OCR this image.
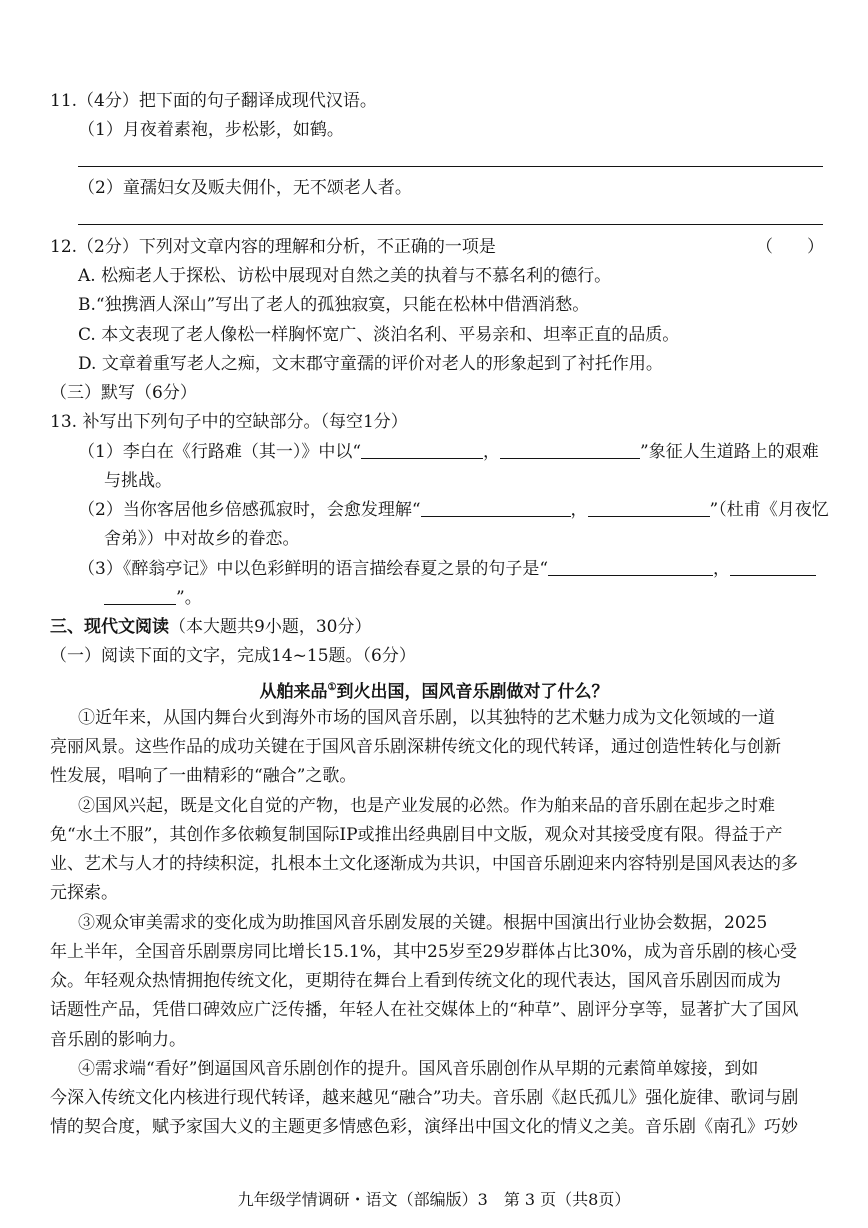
11.（4分）把下面的句子翻译成现代汉语。
（1）月夜着素袍，步松影，如鹤。
（2）童孺妇女及贩夫佣仆，无不颂老人者。
12.（2分）下列对文章内容的理解和分析，不正确的一项是	（　　）
A. 松痴老人于探松、访松中展现对自然之美的执着与不慕名利的德行。
B.“独携酒人深山”写出了老人的孤独寂寞，只能在松林中借酒消愁。
C. 本文表现了老人像松一样胸怀宽广、淡泊名利、平易亲和、坦率正直的品质。
D. 文章着重写老人之痴，文末郡守童孺的评价对老人的形象起到了衬托作用。
（三）默写（6分）
13. 补写出下列句子中的空缺部分。（每空1分）
（1）李白在《行路难（其一）》中以“	，	”象征人生道路上的艰难
与挑战。
（2）当你客居他乡倍感孤寂时，会愈发理解“	，	”（杜甫《月夜忆
舍弟》）中对故乡的眷恋。
（3）《醉翁亭记》中以色彩鲜明的语言描绘春夏之景的句子是“	，
”。
三、现代文阅读（本大题共9小题，30分）
（一）阅读下面的文字，完成14~15题。（6分）
从舶来品①到火出国，国风音乐剧做对了什么？
①近年来，从国内舞台火到海外市场的国风音乐剧，以其独特的艺术魅力成为文化领域的一道
亮丽风景。这些作品的成功关键在于国风音乐剧深耕传统文化的现代转译，通过创造性转化与创新
性发展，唱响了一曲精彩的“融合”之歌。
②国风兴起，既是文化自觉的产物，也是产业发展的必然。作为舶来品的音乐剧在起步之时难
免“水土不服”，其创作多依赖复制国际IP或推出经典剧目中文版，观众对其接受度有限。得益于产
业、艺术与人才的持续积淀，扎根本土文化逐渐成为共识，中国音乐剧迎来内容特别是国风表达的多
元探索。
③观众审美需求的变化成为助推国风音乐剧发展的关键。根据中国演出行业协会数据，2025
年上半年，全国音乐剧票房同比增长15.1%，其中25岁至29岁群体占比30%，成为音乐剧的核心受
众。年轻观众热情拥抱传统文化，更期待在舞台上看到传统文化的现代表达，国风音乐剧因而成为
话题性产品，凭借口碑效应广泛传播，年轻人在社交媒体上的“种草”、剧评分享等，显著扩大了国风
音乐剧的影响力。
④需求端“看好”倒逼国风音乐剧创作的提升。国风音乐剧创作从早期的元素简单嫁接，到如
今深入传统文化内核进行现代转译，越来越见“融合”功夫。音乐剧《赵氏孤儿》强化旋律、歌词与剧
情的契合度，赋予家国大义的主题更多情感色彩，演绎出中国文化的情义之美。音乐剧《南孔》巧妙
九年级学情调研・语文（部编版）3　第 3 页（共8页）
